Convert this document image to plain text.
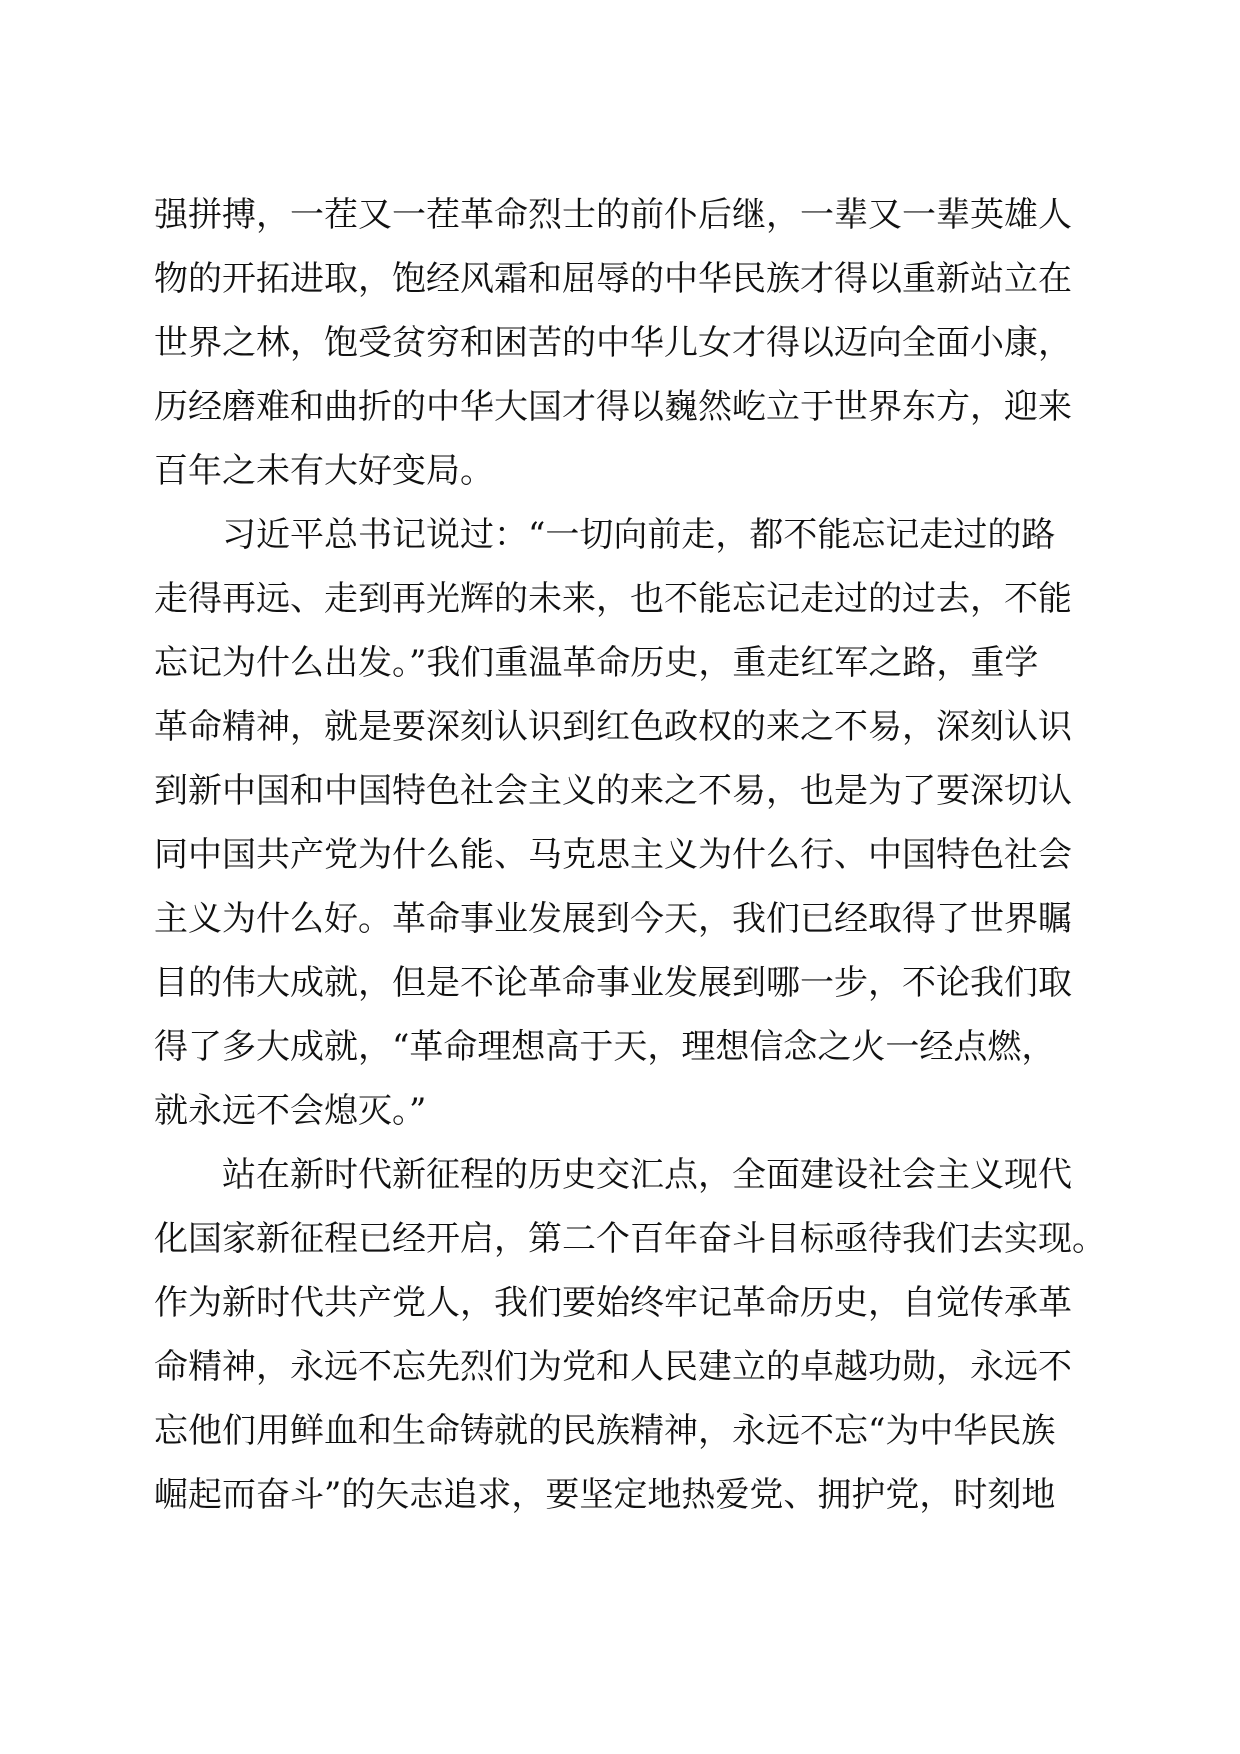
强拼搏，一茬又一茬革命烈士的前仆后继，一辈又一辈英雄人
物的开拓进取，饱经风霜和屈辱的中华民族才得以重新站立在
世界之林，饱受贫穷和困苦的中华儿女才得以迈向全面小康，
历经磨难和曲折的中华大国才得以巍然屹立于世界东方，迎来
百年之未有大好变局。
习近平总书记说过：“一切向前走，都不能忘记走过的路
走得再远、走到再光辉的未来，也不能忘记走过的过去，不能
忘记为什么出发。”我们重温革命历史，重走红军之路，重学
革命精神，就是要深刻认识到红色政权的来之不易，深刻认识
到新中国和中国特色社会主义的来之不易，也是为了要深切认
同中国共产党为什么能、马克思主义为什么行、中国特色社会
主义为什么好。革命事业发展到今天，我们已经取得了世界瞩
目的伟大成就，但是不论革命事业发展到哪一步，不论我们取
得了多大成就，“革命理想高于天，理想信念之火一经点燃，
就永远不会熄灭。”
站在新时代新征程的历史交汇点，全面建设社会主义现代
化国家新征程已经开启，第二个百年奋斗目标亟待我们去实现。
作为新时代共产党人，我们要始终牢记革命历史，自觉传承革
命精神，永远不忘先烈们为党和人民建立的卓越功勋，永远不
忘他们用鲜血和生命铸就的民族精神，永远不忘“为中华民族
崛起而奋斗”的矢志追求，要坚定地热爱党、拥护党，时刻地
